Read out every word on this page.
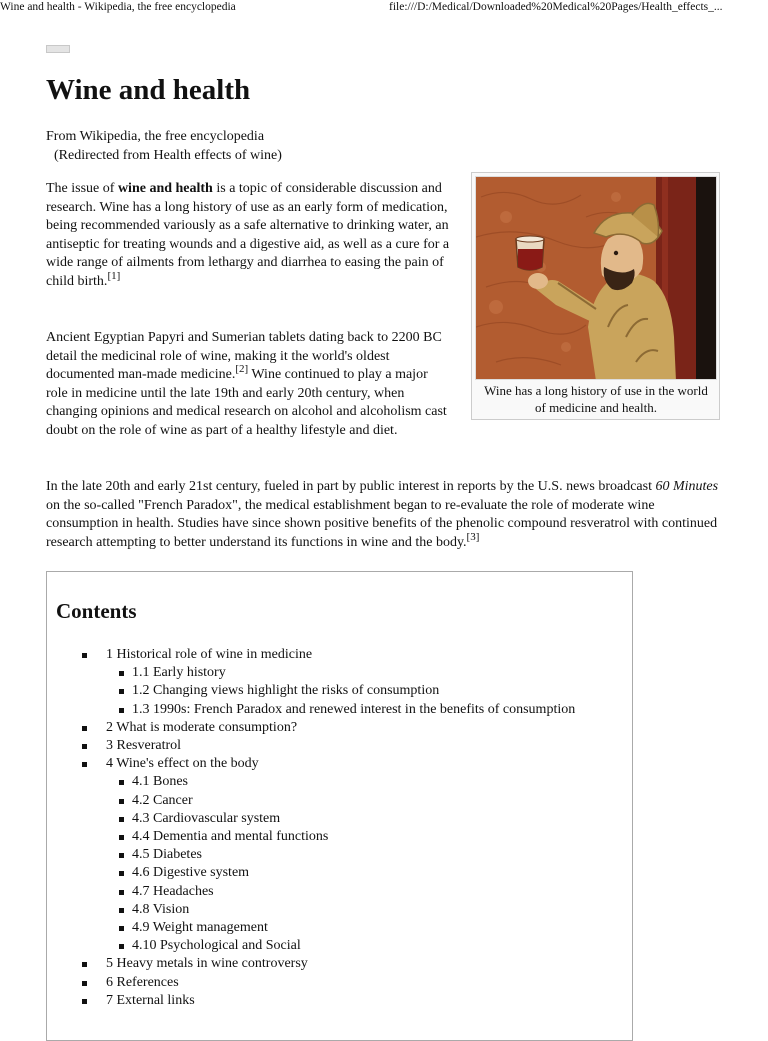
Wine and health - Wikipedia, the free encyclopedia	file:///D:/Medical/Downloaded%20Medical%20Pages/Health_effects_...
Wine and health
From Wikipedia, the free encyclopedia
(Redirected from Health effects of wine)

The issue of wine and health is a topic of considerable discussion and research. Wine has a long history of use as an early form of medication, being recommended variously as a safe alternative to drinking water, an antiseptic for treating wounds and a digestive aid, as well as a cure for a wide range of ailments from lethargy and diarrhea to easing the pain of child birth.[1]

Ancient Egyptian Papyri and Sumerian tablets dating back to 2200 BC detail the medicinal role of wine, making it the world's oldest documented man-made medicine.[2] Wine continued to play a major role in medicine until the late 19th and early 20th century, when changing opinions and medical research on alcohol and alcoholism cast doubt on the role of wine as part of a healthy lifestyle and diet.

In the late 20th and early 21st century, fueled in part by public interest in reports by the U.S. news broadcast 60 Minutes on the so-called "French Paradox", the medical establishment began to re-evaluate the role of moderate wine consumption in health. Studies have since shown positive benefits of the phenolic compound resveratrol with continued research attempting to better understand its functions in wine and the body.[3]

Wine has a long history of use in the world of medicine and health.
Contents
1 Historical role of wine in medicine
1.1 Early history
1.2 Changing views highlight the risks of consumption
1.3 1990s: French Paradox and renewed interest in the benefits of consumption
2 What is moderate consumption?
3 Resveratrol
4 Wine's effect on the body
4.1 Bones
4.2 Cancer
4.3 Cardiovascular system
4.4 Dementia and mental functions
4.5 Diabetes
4.6 Digestive system
4.7 Headaches
4.8 Vision
4.9 Weight management
4.10 Psychological and Social
5 Heavy metals in wine controversy
6 References
7 External links
